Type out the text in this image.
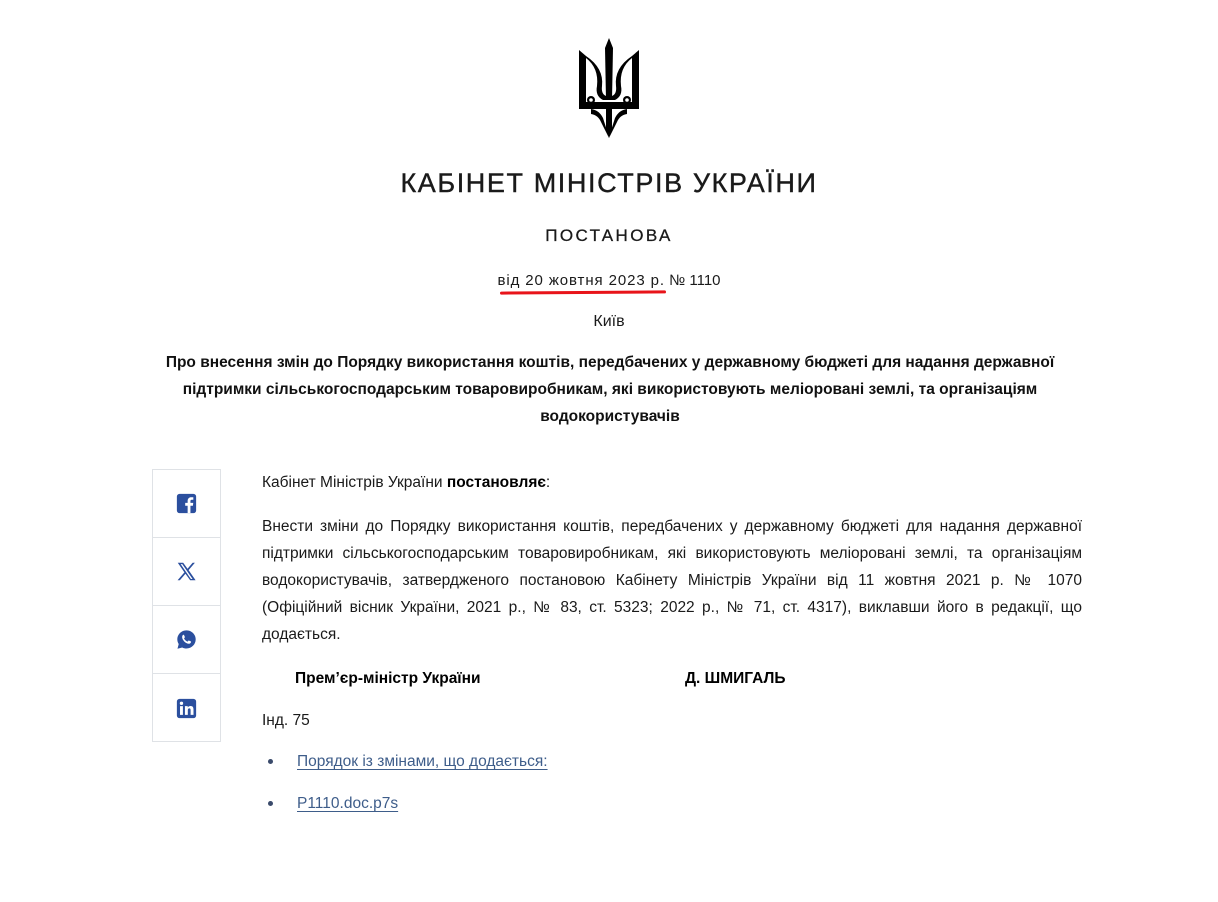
КАБІНЕТ МІНІСТРІВ УКРАЇНИ
ПОСТАНОВА
від 20 жовтня 2023 р. № 1110
Київ
Про внесення змін до Порядку використання коштів, передбачених у державному бюджеті для надання державної підтримки сільськогосподарським товаровиробникам, які використовують меліоровані землі, та організаціям водокористувачів

Кабінет Міністрів України постановляє:

Внести зміни до Порядку використання коштів, передбачених у державному бюджеті для надання державної підтримки сільськогосподарським товаровиробникам, які використовують меліоровані землі, та організаціям водокористувачів, затвердженого постановою Кабінету Міністрів України від 11 жовтня 2021 р. № 1070 (Офіційний вісник України, 2021 р., № 83, ст. 5323; 2022 р., № 71, ст. 4317), виклавши його в редакції, що додається.

Прем’єр-міністр України	Д. ШМИГАЛЬ
Інд. 75
Порядок із змінами, що додається:
P1110.doc.p7s
